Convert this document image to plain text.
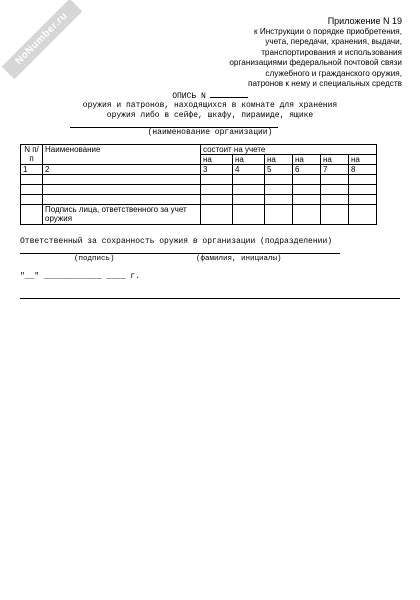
NoNumber.ru	Приложение N 19
к Инструкции о порядке приобретения,
учета, передачи, хранения, выдачи,
транспортирования и использования
организациями федеральной почтовой связи
служебного и гражданского оружия,
патронов к нему и специальных средств
ОПИСЬ N
оружия и патронов, находящихся в комнате для хранения
оружия либо в сейфе, шкафу, пирамиде, ящике
(наименование организации)
N п/п	Наименование	состоит на учете					
		на	на	на	на	на	на
1	2	3	4	5	6	7	8

	Подпись лица, ответственного за учет оружия						
Ответственный за сохранность оружия в организации (подразделении)
(подпись)	(фамилия, инициалы)
"__" ____________ ____ г.
